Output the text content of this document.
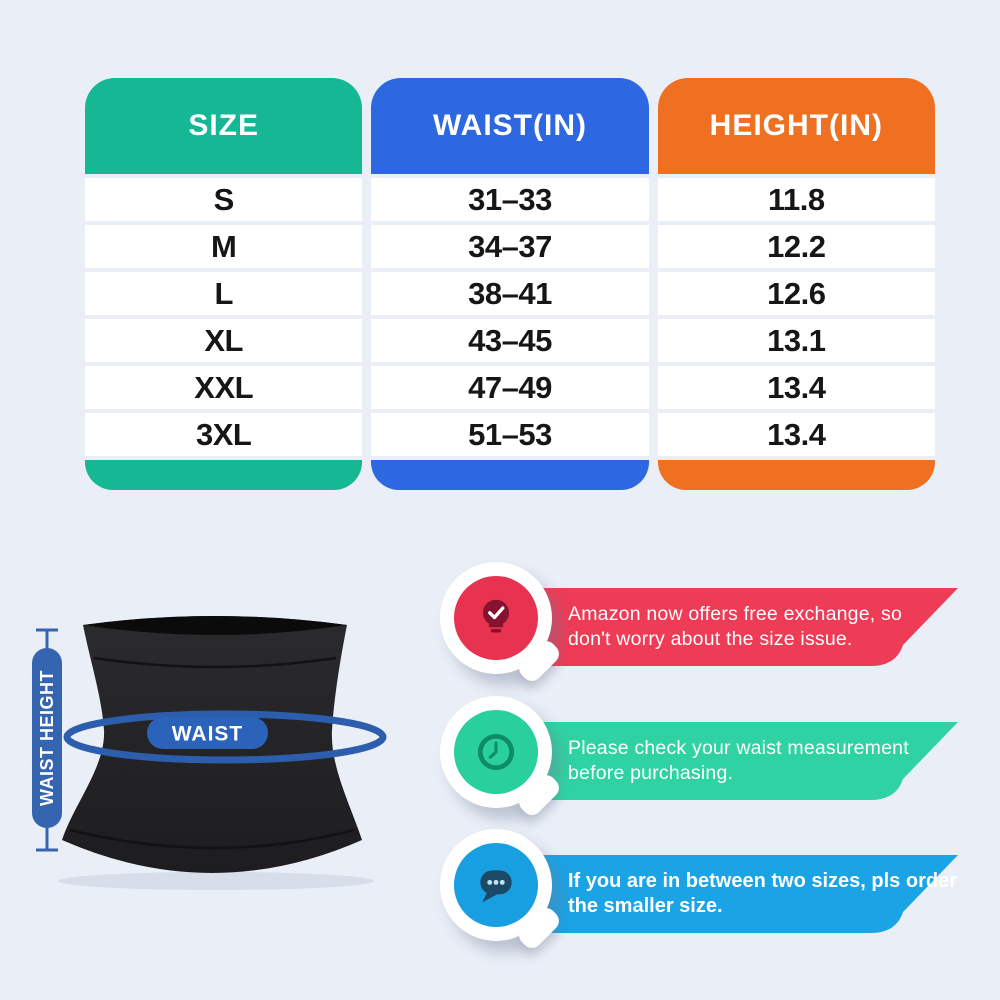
SIZE
S
M
L
XL
XXL
3XL
WAIST(IN)
31–33
34–37
38–41
43–45
47–49
51–53
HEIGHT(IN)
11.8
12.2
12.6
13.1
13.4
13.4
WAIST
WAIST HEIGHT
Amazon now offers free exchange, so
don't worry about the size issue.
Please check your waist measurement
before purchasing.
If you are in between two sizes, pls order
the smaller size.
